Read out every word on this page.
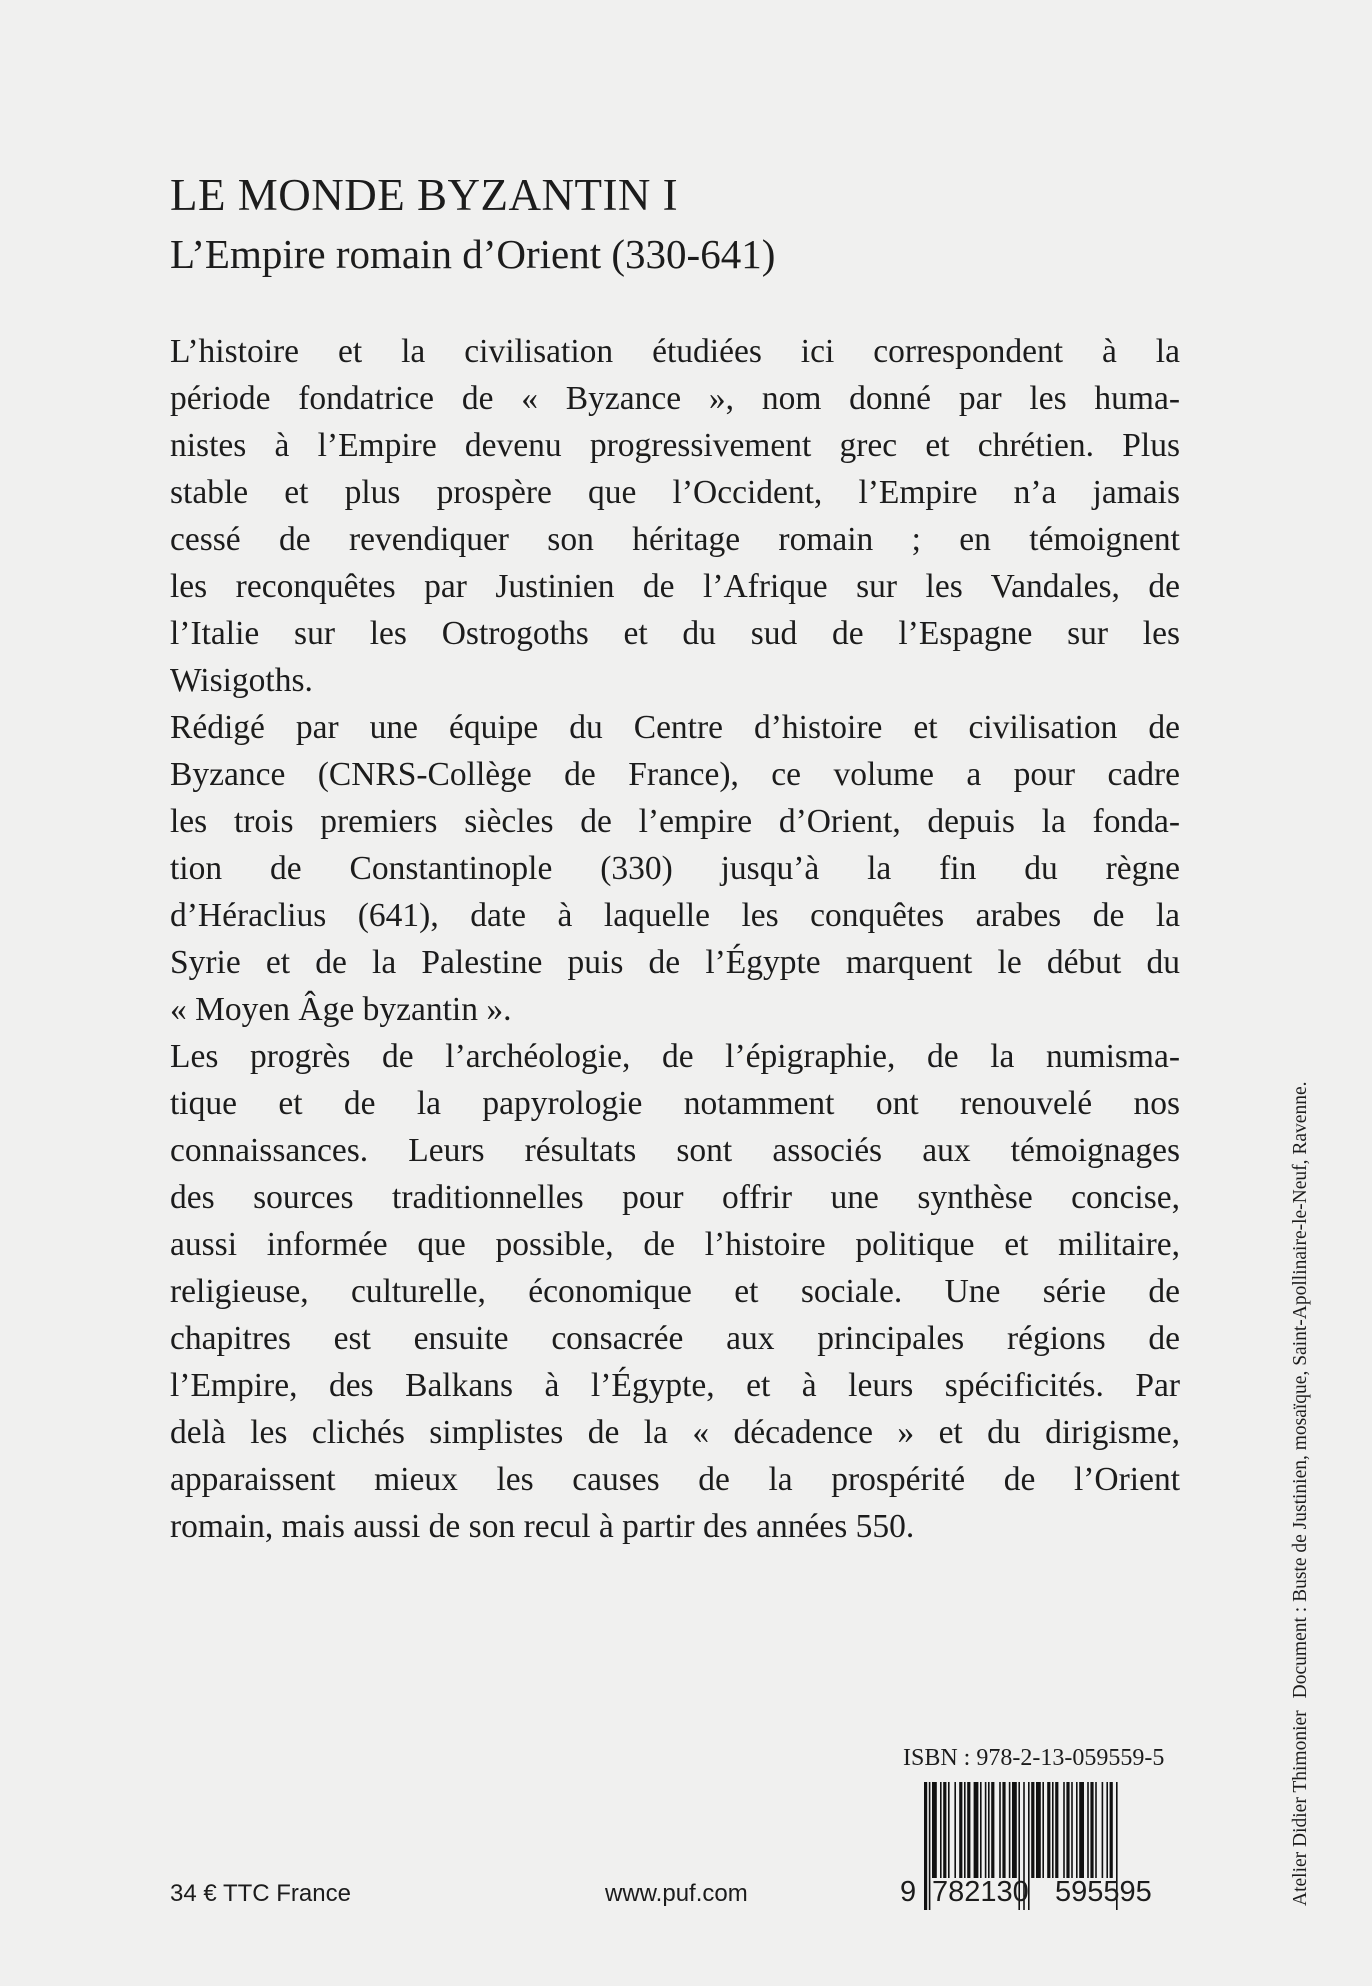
LE MONDE BYZANTIN I
L’Empire romain d’Orient (330-641)
L’histoire et la civilisation étudiées ici correspondent à la
période fondatrice de « Byzance », nom donné par les huma-
nistes à l’Empire devenu progressivement grec et chrétien. Plus
stable et plus prospère que l’Occident, l’Empire n’a jamais
cessé de revendiquer son héritage romain ; en témoignent
les reconquêtes par Justinien de l’Afrique sur les Vandales, de
l’Italie sur les Ostrogoths et du sud de l’Espagne sur les
Wisigoths.
Rédigé par une équipe du Centre d’histoire et civilisation de
Byzance (CNRS-Collège de France), ce volume a pour cadre
les trois premiers siècles de l’empire d’Orient, depuis la fonda-
tion de Constantinople (330) jusqu’à la fin du règne
d’Héraclius (641), date à laquelle les conquêtes arabes de la
Syrie et de la Palestine puis de l’Égypte marquent le début du
« Moyen Âge byzantin ».
Les progrès de l’archéologie, de l’épigraphie, de la numisma-
tique et de la papyrologie notamment ont renouvelé nos
connaissances. Leurs résultats sont associés aux témoignages
des sources traditionnelles pour offrir une synthèse concise,
aussi informée que possible, de l’histoire politique et militaire,
religieuse, culturelle, économique et sociale. Une série de
chapitres est ensuite consacrée aux principales régions de
l’Empire, des Balkans à l’Égypte, et à leurs spécificités. Par
delà les clichés simplistes de la « décadence » et du dirigisme,
apparaissent mieux les causes de la prospérité de l’Orient
romain, mais aussi de son recul à partir des années 550.
Atelier Didier ThimonierDocument : Buste de Justinien, mosaïque, Saint-Apollinaire-le-Neuf, Ravenne.
ISBN : 978-2-13-059559-5
9 782130 595595
34 € TTC France	www.puf.com
